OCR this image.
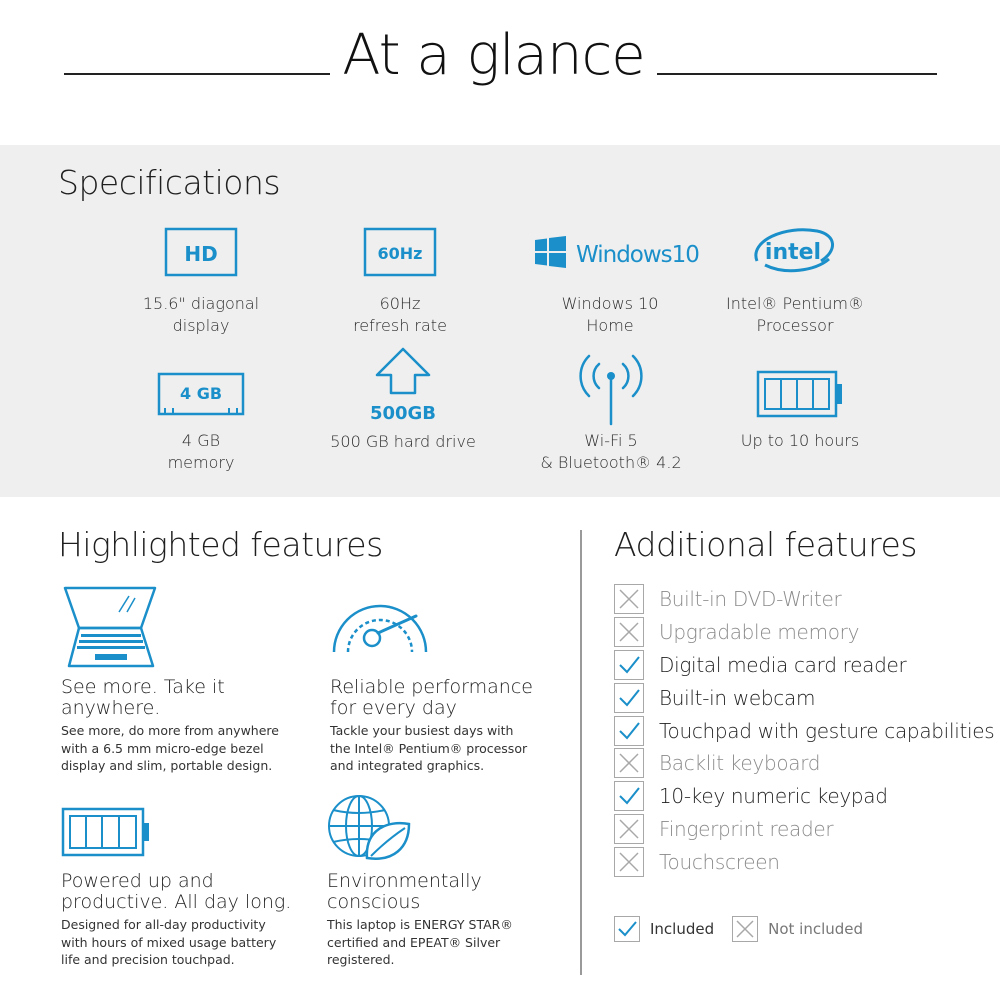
At a glance
Specifications
HD
15.6" diagonal
display
60Hz
60Hz
refresh rate
Windows10
Windows 10
Home
intel
Intel® Pentium®
Processor
4 GB
4 GB
memory
500GB
500 GB hard drive	Wi-Fi 5
& Bluetooth® 4.2
Up to 10 hours
Highlighted features
See more. Take it
anywhere.
See more, do more from anywhere
with a 6.5 mm micro-edge bezel
display and slim, portable design.
Reliable performance
for every day
Tackle your busiest days with
the Intel® Pentium® processor
and integrated graphics.
Powered up and
productive. All day long.
Designed for all-day productivity
with hours of mixed usage battery
life and precision touchpad.
Environmentally
conscious
This laptop is ENERGY STAR®
certified and EPEAT® Silver
registered.
Additional features
Built-in DVD-Writer
Upgradable memory
Digital media card reader
Built-in webcam
Touchpad with gesture capabilities
Backlit keyboard
10-key numeric keypad
Fingerprint reader
Touchscreen
Included	Not included
